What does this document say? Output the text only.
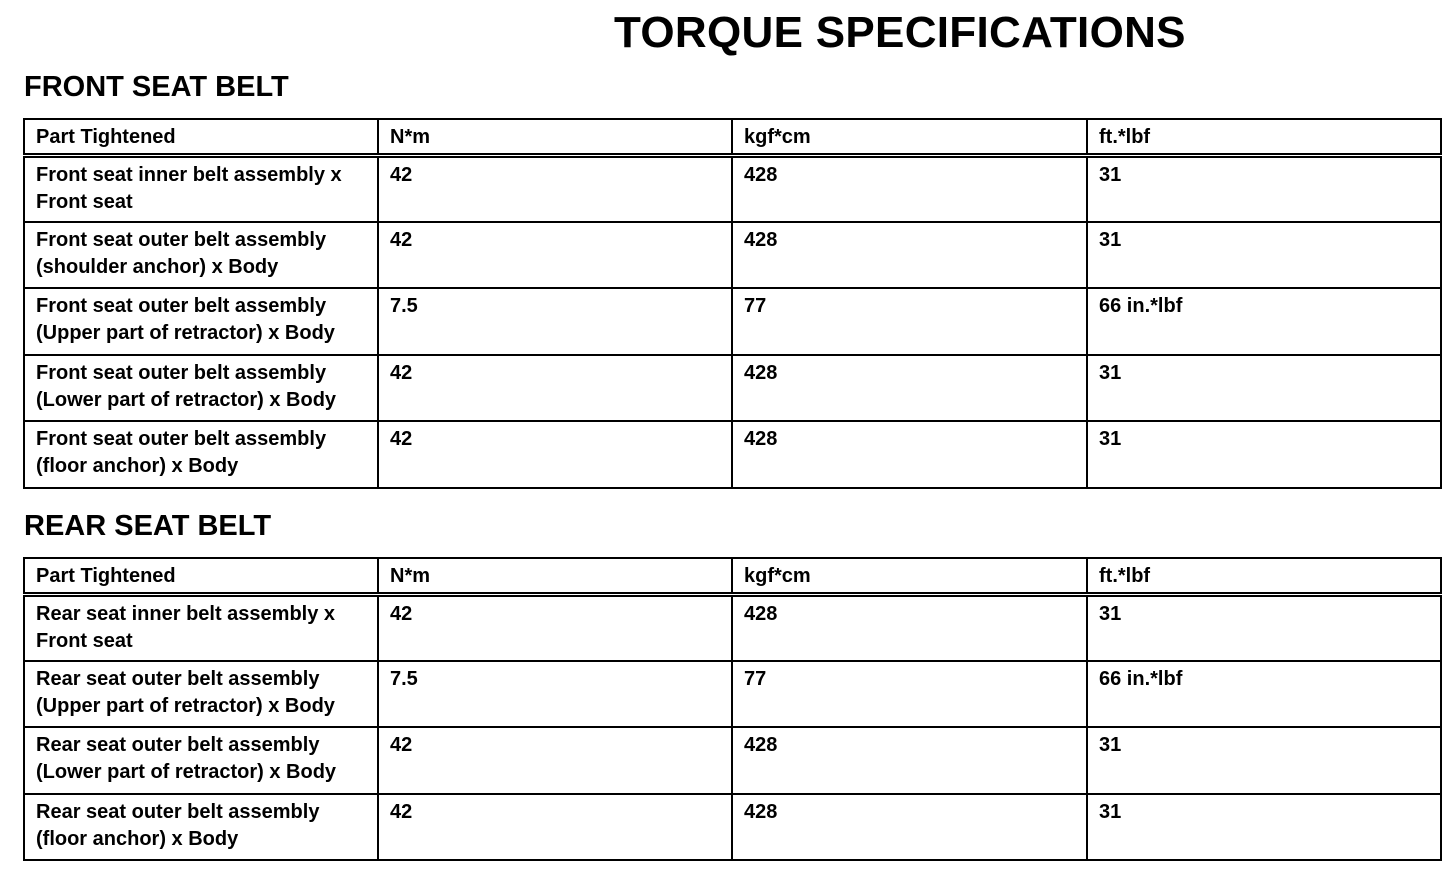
TORQUE SPECIFICATIONS
FRONT SEAT BELT
Part Tightened	N*m	kgf*cm	ft.*lbf
Front seat inner belt assembly x Front seat	42	428	31
Front seat outer belt assembly (shoulder anchor) x Body	42	428	31
Front seat outer belt assembly (Upper part of retractor) x Body	7.5	77	66 in.*lbf
Front seat outer belt assembly (Lower part of retractor) x Body	42	428	31
Front seat outer belt assembly (floor anchor) x Body	42	428	31
REAR SEAT BELT
Part Tightened	N*m	kgf*cm	ft.*lbf
Rear seat inner belt assembly x Front seat	42	428	31
Rear seat outer belt assembly (Upper part of retractor) x Body	7.5	77	66 in.*lbf
Rear seat outer belt assembly (Lower part of retractor) x Body	42	428	31
Rear seat outer belt assembly (floor anchor) x Body	42	428	31
